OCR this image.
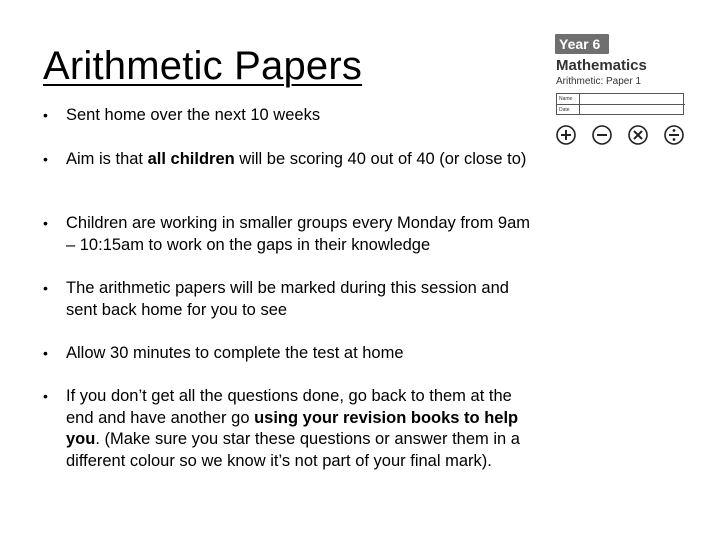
Arithmetic Papers
•	Sent home over the next 10 weeks
•	Aim is that all children will be scoring 40 out of 40 (or close to)
•	Children are working in smaller groups every Monday from 9am – 10:15am to work on the gaps in their knowledge
•	The arithmetic papers will be marked during this session and sent back home for you to see
•	Allow 30 minutes to complete the test at home
•	If you don’t get all the questions done, go back to them at the end and have another go using your revision books to help you. (Make sure you star these questions or answer them in a different colour so we know it’s not part of your final mark).
Year 6
Mathematics
Arithmetic: Paper 1
Name
Date
